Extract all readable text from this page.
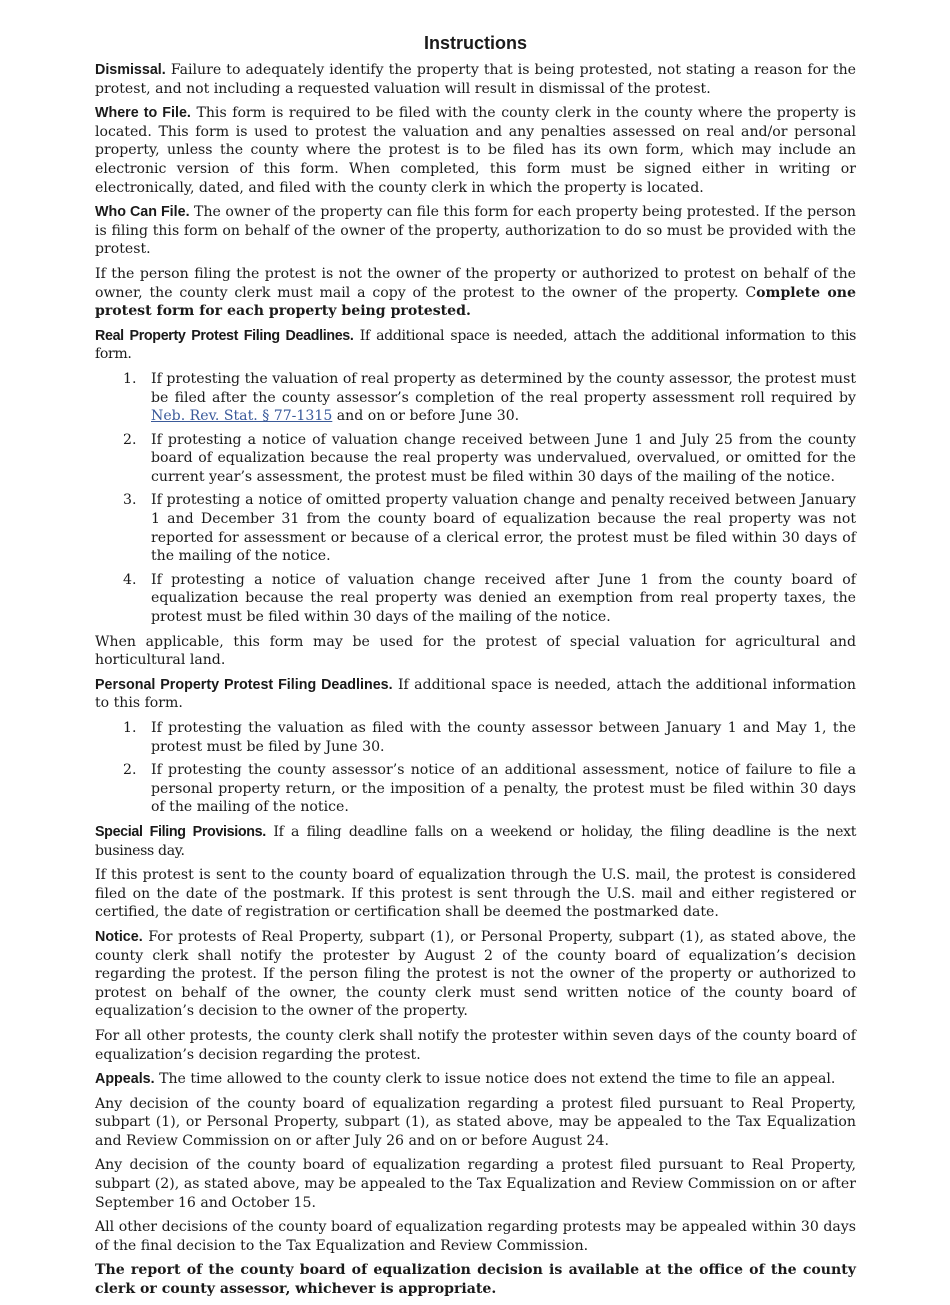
Instructions

Dismissal. Failure to adequately identify the property that is being protested, not stating a reason for the protest, and not including a requested valuation will result in dismissal of the protest.

Where to File. This form is required to be filed with the county clerk in the county where the property is located. This form is used to protest the valuation and any penalties assessed on real and/or personal property, unless the county where the protest is to be filed has its own form, which may include an electronic version of this form. When completed, this form must be signed either in writing or electronically, dated, and filed with the county clerk in which the property is located.

Who Can File. The owner of the property can file this form for each property being protested. If the person is filing this form on behalf of the owner of the property, authorization to do so must be provided with the protest.

If the person filing the protest is not the owner of the property or authorized to protest on behalf of the owner, the county clerk must mail a copy of the protest to the owner of the property. Complete one protest form for each property being protested.

Real Property Protest Filing Deadlines. If additional space is needed, attach the additional information to this form.

1. If protesting the valuation of real property as determined by the county assessor, the protest must be filed after the county assessor’s completion of the real property assessment roll required by Neb. Rev. Stat. § 77-1315 and on or before June 30.
2. If protesting a notice of valuation change received between June 1 and July 25 from the county board of equalization because the real property was undervalued, overvalued, or omitted for the current year’s assessment, the protest must be filed within 30 days of the mailing of the notice.
3. If protesting a notice of omitted property valuation change and penalty received between January 1 and December 31 from the county board of equalization because the real property was not reported for assessment or because of a clerical error, the protest must be filed within 30 days of the mailing of the notice.
4. If protesting a notice of valuation change received after June 1 from the county board of equalization because the real property was denied an exemption from real property taxes, the protest must be filed within 30 days of the mailing of the notice.

When applicable, this form may be used for the protest of special valuation for agricultural and horticultural land.

Personal Property Protest Filing Deadlines. If additional space is needed, attach the additional information to this form.

1. If protesting the valuation as filed with the county assessor between January 1 and May 1, the protest must be filed by June 30.
2. If protesting the county assessor’s notice of an additional assessment, notice of failure to file a personal property return, or the imposition of a penalty, the protest must be filed within 30 days of the mailing of the notice.

Special Filing Provisions. If a filing deadline falls on a weekend or holiday, the filing deadline is the next business day.

If this protest is sent to the county board of equalization through the U.S. mail, the protest is considered filed on the date of the postmark. If this protest is sent through the U.S. mail and either registered or certified, the date of registration or certification shall be deemed the postmarked date.

Notice. For protests of Real Property, subpart (1), or Personal Property, subpart (1), as stated above, the county clerk shall notify the protester by August 2 of the county board of equalization’s decision regarding the protest. If the person filing the protest is not the owner of the property or authorized to protest on behalf of the owner, the county clerk must send written notice of the county board of equalization’s decision to the owner of the property.

For all other protests, the county clerk shall notify the protester within seven days of the county board of equalization’s decision regarding the protest.

Appeals. The time allowed to the county clerk to issue notice does not extend the time to file an appeal.

Any decision of the county board of equalization regarding a protest filed pursuant to Real Property, subpart (1), or Personal Property, subpart (1), as stated above, may be appealed to the Tax Equalization and Review Commission on or after July 26 and on or before August 24.

Any decision of the county board of equalization regarding a protest filed pursuant to Real Property, subpart (2), as stated above, may be appealed to the Tax Equalization and Review Commission on or after September 16 and October 15.

All other decisions of the county board of equalization regarding protests may be appealed within 30 days of the final decision to the Tax Equalization and Review Commission.

The report of the county board of equalization decision is available at the office of the county clerk or county assessor, whichever is appropriate.
